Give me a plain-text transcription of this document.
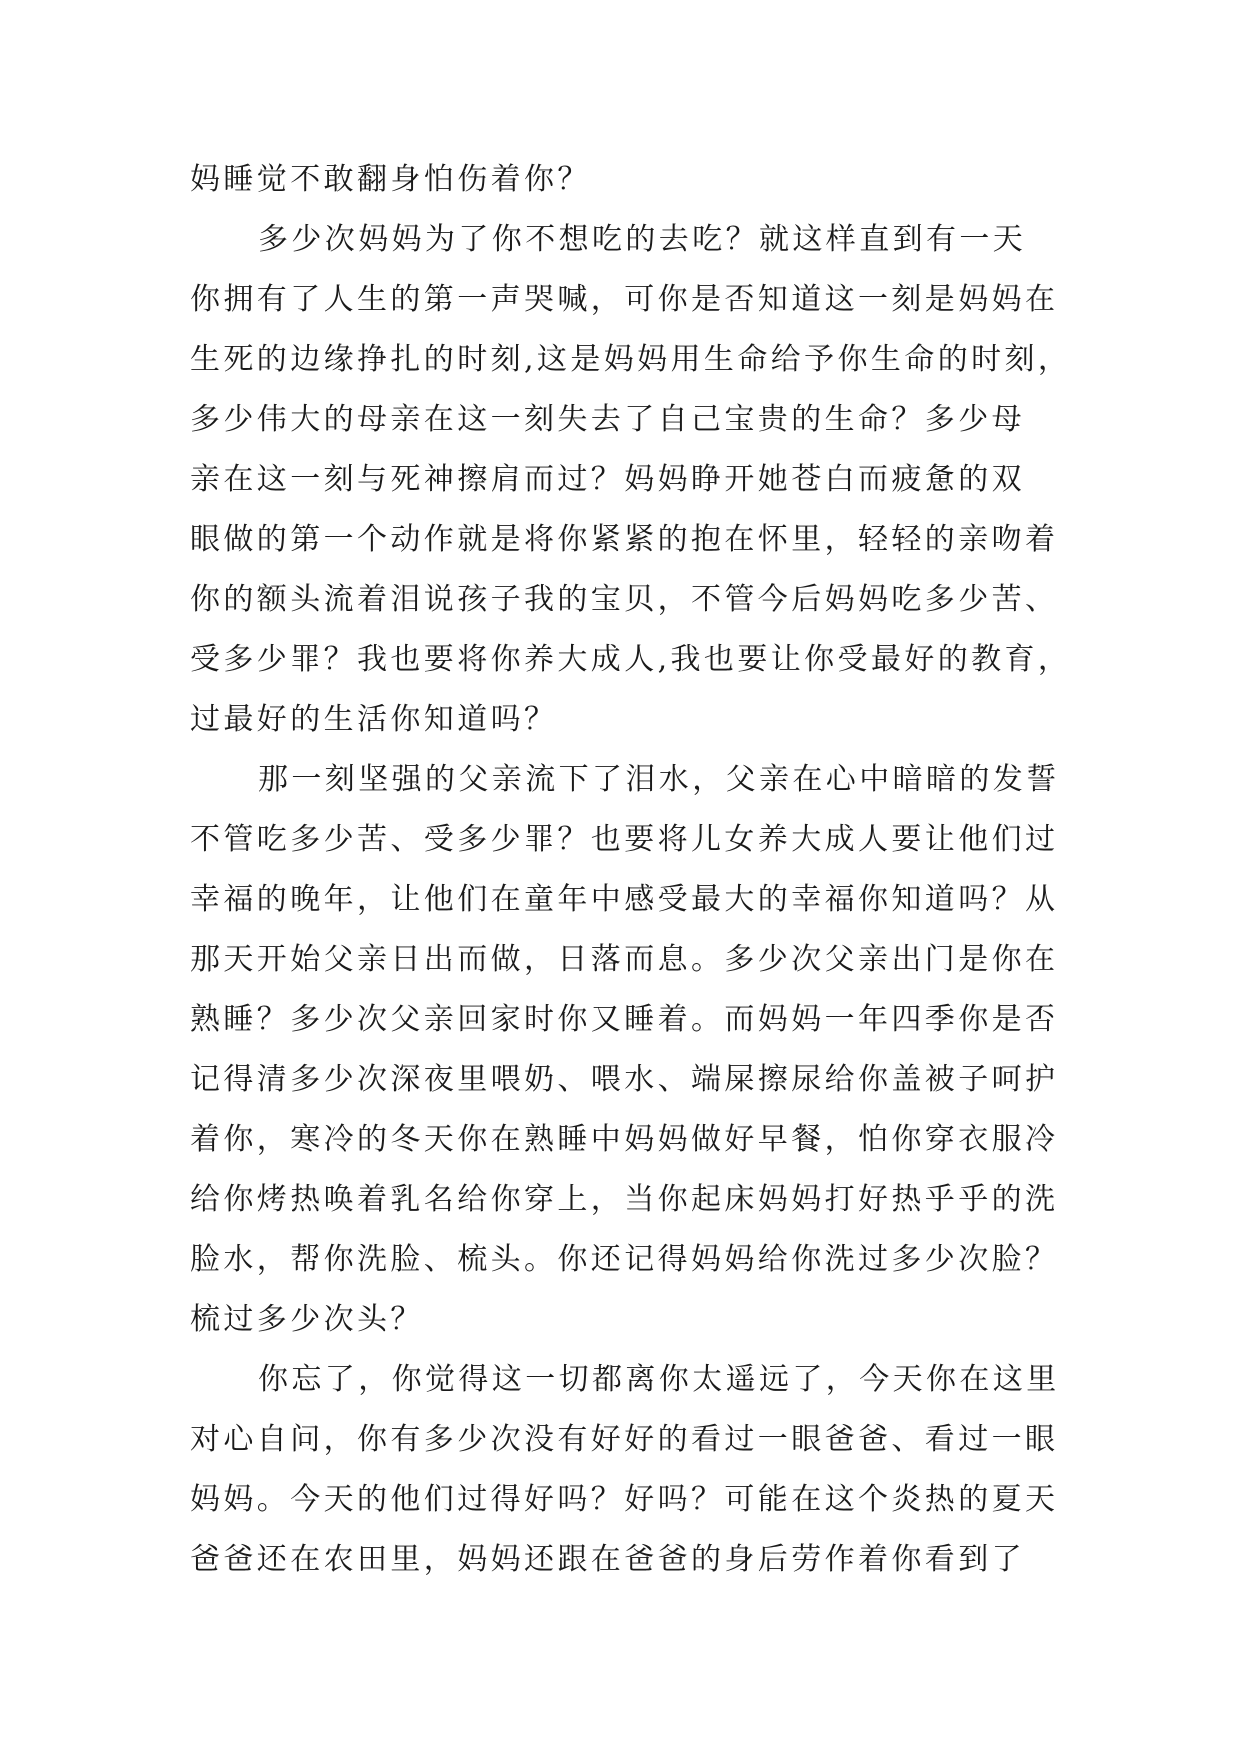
妈睡觉不敢翻身怕伤着你？
多少次妈妈为了你不想吃的去吃？就这样直到有一天
你拥有了人生的第一声哭喊，可你是否知道这一刻是妈妈在
生死的边缘挣扎的时刻,这是妈妈用生命给予你生命的时刻，
多少伟大的母亲在这一刻失去了自己宝贵的生命？多少母
亲在这一刻与死神擦肩而过？妈妈睁开她苍白而疲惫的双
眼做的第一个动作就是将你紧紧的抱在怀里，轻轻的亲吻着
你的额头流着泪说孩子我的宝贝，不管今后妈妈吃多少苦、
受多少罪？我也要将你养大成人,我也要让你受最好的教育，
过最好的生活你知道吗？
那一刻坚强的父亲流下了泪水，父亲在心中暗暗的发誓
不管吃多少苦、受多少罪？也要将儿女养大成人要让他们过
幸福的晚年，让他们在童年中感受最大的幸福你知道吗？从
那天开始父亲日出而做，日落而息。多少次父亲出门是你在
熟睡？多少次父亲回家时你又睡着。而妈妈一年四季你是否
记得清多少次深夜里喂奶、喂水、端屎擦尿给你盖被子呵护
着你，寒冷的冬天你在熟睡中妈妈做好早餐，怕你穿衣服冷
给你烤热唤着乳名给你穿上，当你起床妈妈打好热乎乎的洗
脸水，帮你洗脸、梳头。你还记得妈妈给你洗过多少次脸？
梳过多少次头？
你忘了，你觉得这一切都离你太遥远了，今天你在这里
对心自问，你有多少次没有好好的看过一眼爸爸、看过一眼
妈妈。今天的他们过得好吗？好吗？可能在这个炎热的夏天
爸爸还在农田里，妈妈还跟在爸爸的身后劳作着你看到了
